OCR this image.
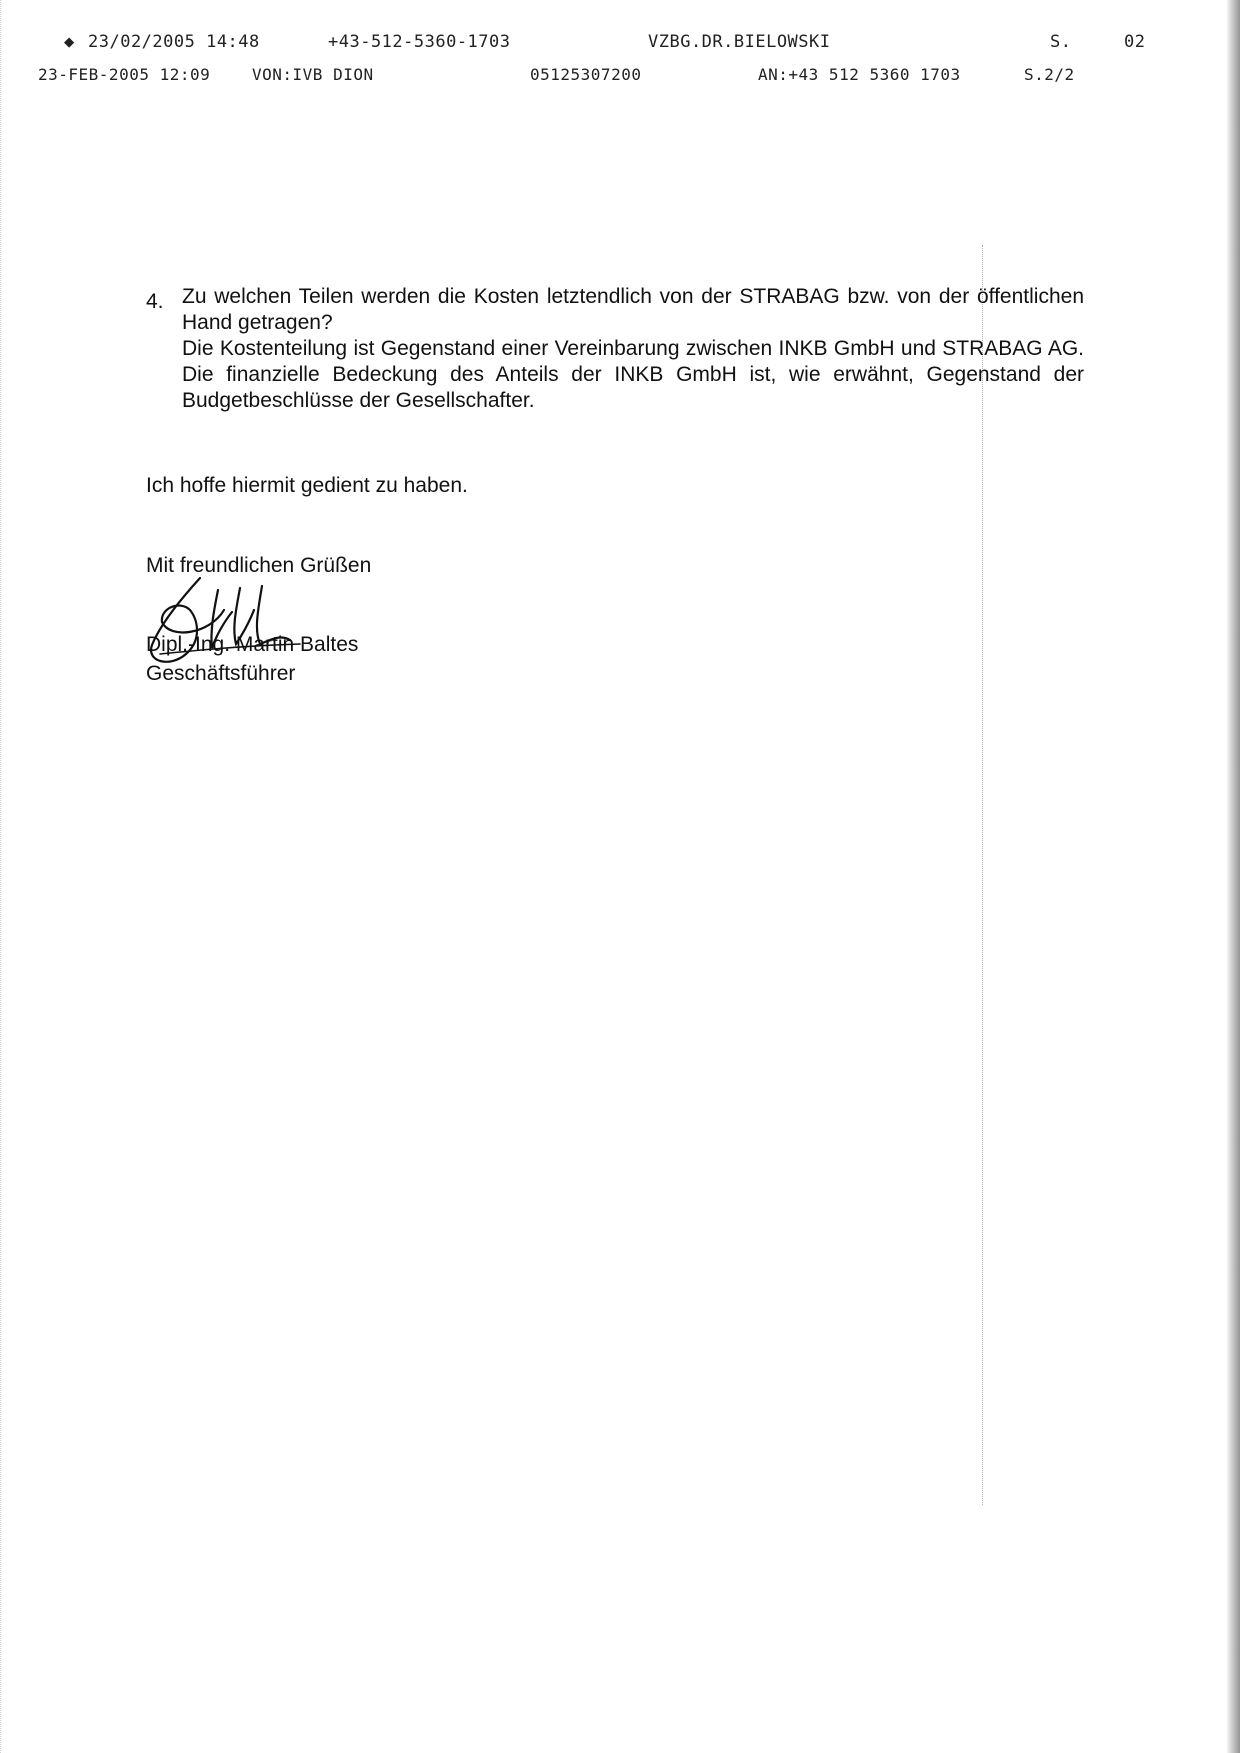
◆ 23/02/2005 14:48	+43-512-5360-1703	VZBG.DR.BIELOWSKI	S.	02
23-FEB-2005 12:09	VON:IVB DION	05125307200	AN:+43 512 5360 1703	S.2/2
4. Zu welchen Teilen werden die Kosten letztendlich von der STRABAG bzw. von der öffentlichen Hand getragen?

Die Kostenteilung ist Gegenstand einer Vereinbarung zwischen INKB GmbH und STRABAG AG. Die finanzielle Bedeckung des Anteils der INKB GmbH ist, wie erwähnt, Gegenstand der Budgetbeschlüsse der Gesellschafter.

Ich hoffe hiermit gedient zu haben.
Mit freundlichen Grüßen
Dipl.-Ing. Martin Baltes
Geschäftsführer
